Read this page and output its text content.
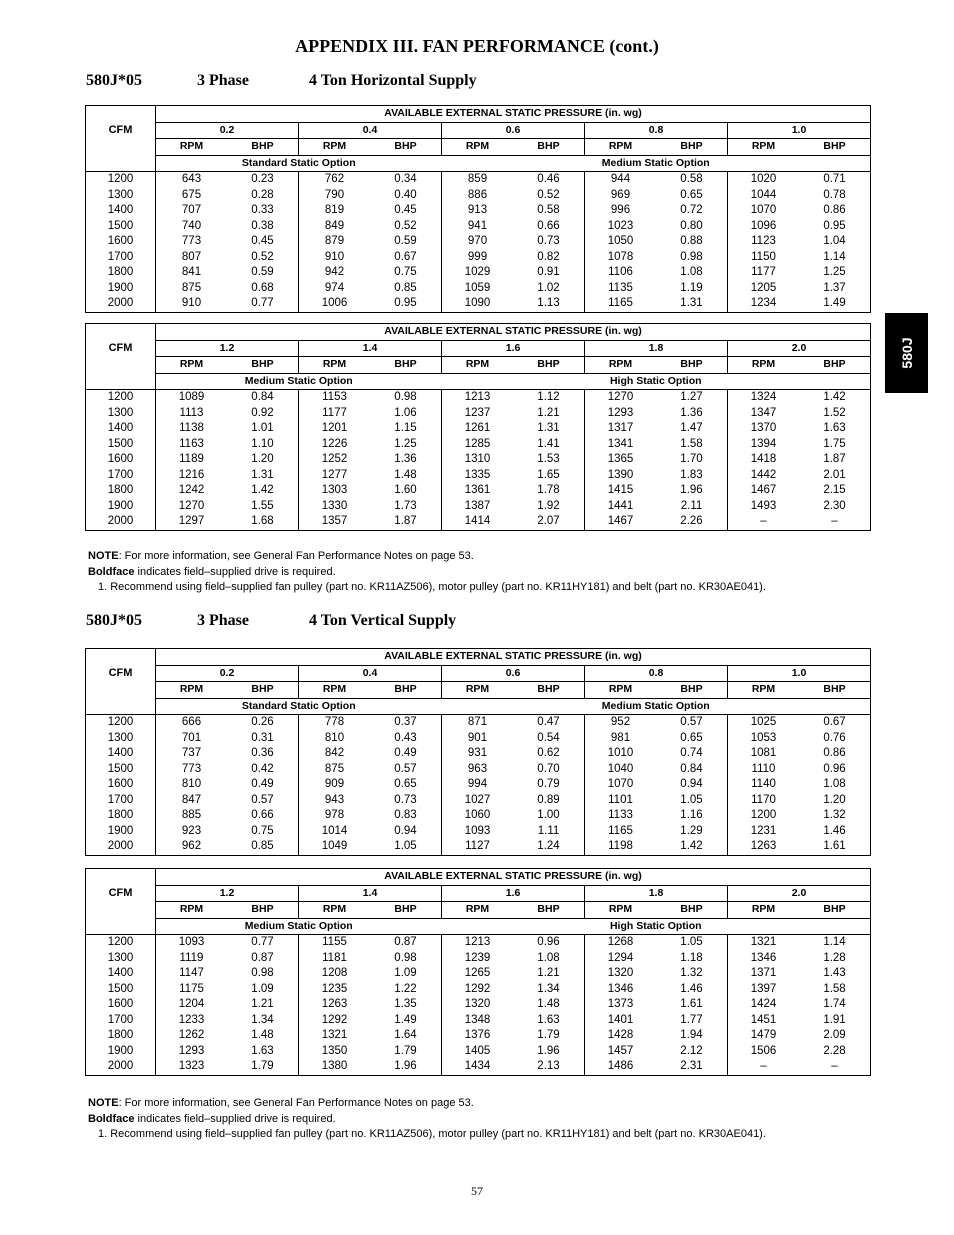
APPENDIX III. FAN PERFORMANCE (cont.)
580J
580J*05	3 Phase	4 Ton Horizontal Supply
CFM	AVAILABLE EXTERNAL STATIC PRESSURE (in. wg)									
	0.2		0.4		0.6		0.8		1.0	
	RPM	BHP	RPM	BHP	RPM	BHP	RPM	BHP	RPM	BHP
	Standard Static Option				Medium Static Option					
1200	643	0.23	762	0.34	859	0.46	944	0.58	1020	0.71
1300	675	0.28	790	0.40	886	0.52	969	0.65	1044	0.78
1400	707	0.33	819	0.45	913	0.58	996	0.72	1070	0.86
1500	740	0.38	849	0.52	941	0.66	1023	0.80	1096	0.95
1600	773	0.45	879	0.59	970	0.73	1050	0.88	1123	1.04
1700	807	0.52	910	0.67	999	0.82	1078	0.98	1150	1.14
1800	841	0.59	942	0.75	1029	0.91	1106	1.08	1177	1.25
1900	875	0.68	974	0.85	1059	1.02	1135	1.19	1205	1.37
2000	910	0.77	1006	0.95	1090	1.13	1165	1.31	1234	1.49
CFM	AVAILABLE EXTERNAL STATIC PRESSURE (in. wg)									
	1.2		1.4		1.6		1.8		2.0	
	RPM	BHP	RPM	BHP	RPM	BHP	RPM	BHP	RPM	BHP
	Medium Static Option				High Static Option					
1200	1089	0.84	1153	0.98	1213	1.12	1270	1.27	1324	1.42
1300	1113	0.92	1177	1.06	1237	1.21	1293	1.36	1347	1.52
1400	1138	1.01	1201	1.15	1261	1.31	1317	1.47	1370	1.63
1500	1163	1.10	1226	1.25	1285	1.41	1341	1.58	1394	1.75
1600	1189	1.20	1252	1.36	1310	1.53	1365	1.70	1418	1.87
1700	1216	1.31	1277	1.48	1335	1.65	1390	1.83	1442	2.01
1800	1242	1.42	1303	1.60	1361	1.78	1415	1.96	1467	2.15
1900	1270	1.55	1330	1.73	1387	1.92	1441	2.11	1493	2.30
2000	1297	1.68	1357	1.87	1414	2.07	1467	2.26	–	–

NOTE: For more information, see General Fan Performance Notes on page 53.

Boldface indicates field–supplied drive is required.

1. Recommend using field–supplied fan pulley (part no. KR11AZ506), motor pulley (part no. KR11HY181) and belt (part no. KR30AE041).

580J*05	3 Phase	4 Ton Vertical Supply
CFM	AVAILABLE EXTERNAL STATIC PRESSURE (in. wg)									
	0.2		0.4		0.6		0.8		1.0	
	RPM	BHP	RPM	BHP	RPM	BHP	RPM	BHP	RPM	BHP
	Standard Static Option				Medium Static Option					
1200	666	0.26	778	0.37	871	0.47	952	0.57	1025	0.67
1300	701	0.31	810	0.43	901	0.54	981	0.65	1053	0.76
1400	737	0.36	842	0.49	931	0.62	1010	0.74	1081	0.86
1500	773	0.42	875	0.57	963	0.70	1040	0.84	1110	0.96
1600	810	0.49	909	0.65	994	0.79	1070	0.94	1140	1.08
1700	847	0.57	943	0.73	1027	0.89	1101	1.05	1170	1.20
1800	885	0.66	978	0.83	1060	1.00	1133	1.16	1200	1.32
1900	923	0.75	1014	0.94	1093	1.11	1165	1.29	1231	1.46
2000	962	0.85	1049	1.05	1127	1.24	1198	1.42	1263	1.61
CFM	AVAILABLE EXTERNAL STATIC PRESSURE (in. wg)									
	1.2		1.4		1.6		1.8		2.0	
	RPM	BHP	RPM	BHP	RPM	BHP	RPM	BHP	RPM	BHP
	Medium Static Option				High Static Option					
1200	1093	0.77	1155	0.87	1213	0.96	1268	1.05	1321	1.14
1300	1119	0.87	1181	0.98	1239	1.08	1294	1.18	1346	1.28
1400	1147	0.98	1208	1.09	1265	1.21	1320	1.32	1371	1.43
1500	1175	1.09	1235	1.22	1292	1.34	1346	1.46	1397	1.58
1600	1204	1.21	1263	1.35	1320	1.48	1373	1.61	1424	1.74
1700	1233	1.34	1292	1.49	1348	1.63	1401	1.77	1451	1.91
1800	1262	1.48	1321	1.64	1376	1.79	1428	1.94	1479	2.09
1900	1293	1.63	1350	1.79	1405	1.96	1457	2.12	1506	2.28
2000	1323	1.79	1380	1.96	1434	2.13	1486	2.31	–	–

NOTE: For more information, see General Fan Performance Notes on page 53.

Boldface indicates field–supplied drive is required.

1. Recommend using field–supplied fan pulley (part no. KR11AZ506), motor pulley (part no. KR11HY181) and belt (part no. KR30AE041).

57
